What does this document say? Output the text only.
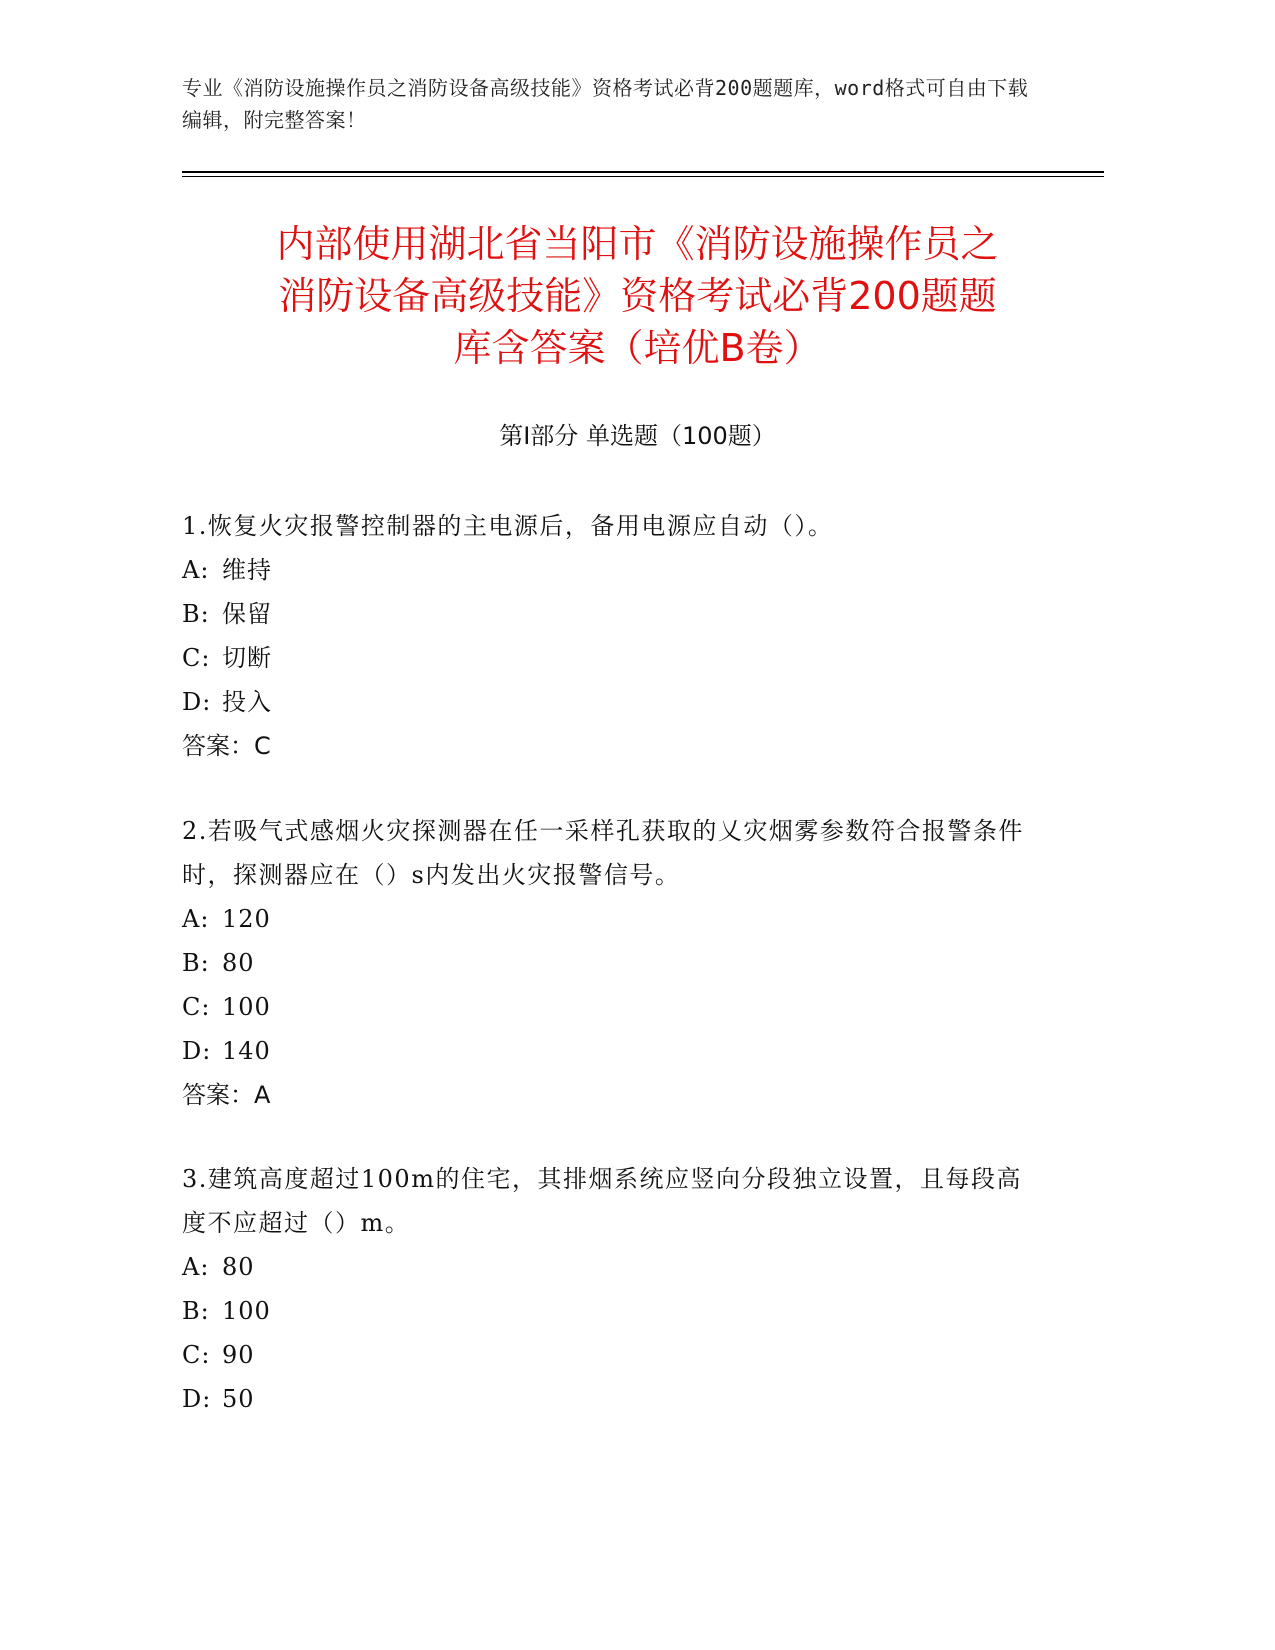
专业《消防设施操作员之消防设备高级技能》资格考试必背200题题库，word格式可自由下载编辑，附完整答案！
内部使用湖北省当阳市《消防设施操作员之
消防设备高级技能》资格考试必背200题题
库含答案（培优B卷）
第Ⅰ部分 单选题（100题）

1.恢复火灾报警控制器的主电源后，备用电源应自动（）。

A: 维持

B: 保留

C: 切断

D: 投入

答案：C

2.若吸气式感烟火灾探测器在任一采样孔获取的乂灾烟雾参数符合报警条件时，探测器应在（）s内发出火灾报警信号。

A: 120

B: 80

C: 100

D: 140

答案：A

3.建筑高度超过100m的住宅，其排烟系统应竖向分段独立设置，且每段高度不应超过（）m。

A: 80

B: 100

C: 90

D: 50
